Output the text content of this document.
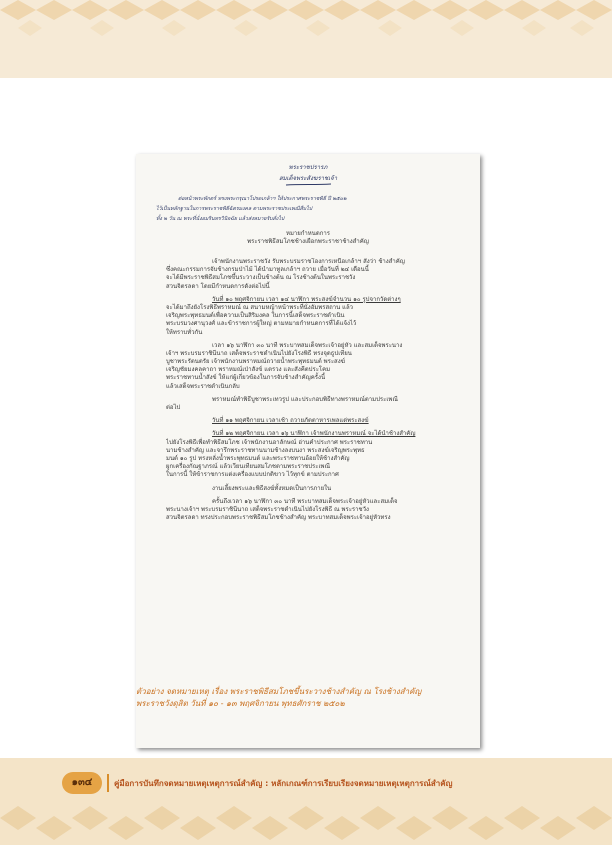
พระราชปรารภ
สมเด็จพระสังฆราชเจ้า
ต่อหน้าพระพักตร์ ทรงพระกรุณาโปรดเกล้าฯ ให้ประกาศพระราชพิธี ปี ๒๕๐๒
ไว้เป็นหลักฐานในการพระราชพิธีฉัตรมงคล ตามพระราชประเพณีสืบไป
ทั้ง ๒ วัน ณ พระที่นั่งอมรินทรวินิจฉัย แล้วส่งหมายรับสั่งไป
หมายกำหนดการ
พระราชพิธีสมโภชช้างเผือกพระราชาช้างสำคัญ
เจ้าพนักงานพระราชวัง รับพระบรมราชโองการเหนือเกล้าฯ สั่งว่า ช้างสำคัญ
ซึ่งคณะกรรมการจับช้างกรมป่าไม้ ได้นำมาทูลเกล้าฯ ถวาย เมื่อวันที่ ๒๔ เดือนนี้
จะได้มีพระราชพิธีสมโภชขึ้นระวางเป็นช้างต้น ณ โรงช้างต้นในพระราชวัง
สวนจิตรลดา โดยมีกำหนดการดังต่อไปนี้
วันที่ ๑๐ พฤศจิกายน เวลา ๑๔ นาฬิกา พระสงฆ์จำนวน ๑๐ รูปจากวัดต่างๆ
จะได้มาถึงยังโรงพิธีพราหมณ์ ณ สนามหญ้าหน้าพระที่นั่งอัมพรสถาน แล้ว
เจริญพระพุทธมนต์เพื่อความเป็นสิริมงคล ในการนี้เสด็จพระราชดำเนิน
พระบรมวงศานุวงศ์ และข้าราชการผู้ใหญ่ ตามหมายกำหนดการที่ได้แจ้งไว้
ให้ทราบทั่วกัน
เวลา ๑๖ นาฬิกา ๓๐ นาที พระบาทสมเด็จพระเจ้าอยู่หัว และสมเด็จพระนาง
เจ้าฯ พระบรมราชินีนาถ เสด็จพระราชดำเนินไปยังโรงพิธี ทรงจุดธูปเทียน
บูชาพระรัตนตรัย เจ้าพนักงานพราหมณ์ถวายน้ำพระพุทธมนต์ พระสงฆ์
เจริญชัยมงคลคาถา พราหมณ์เป่าสังข์ แตรวง และสังคีตประโคม
พระราชทานน้ำสังข์ ให้แก่ผู้เกี่ยวข้องในการจับช้างสำคัญครั้งนี้
แล้วเสด็จพระราชดำเนินกลับ
พราหมณ์ทำพิธีบูชาพระเทวรูป และประกอบพิธีทางพราหมณ์ตามประเพณี
ต่อไป
วันที่ ๑๑ พฤศจิกายน เวลาเช้า ถวายภัตตาหารเพลแด่พระสงฆ์
วันที่ ๑๒ พฤศจิกายน เวลา ๑๖ นาฬิกา เจ้าพนักงานพราหมณ์ จะได้นำช้างสำคัญ
ไปยังโรงพิธีเพื่อทำพิธีสมโภช เจ้าพนักงานอาลักษณ์ อ่านคำประกาศ พระราชทาน
นามช้างสำคัญ และจารึกพระราชทานนามช้างลงบนงา พระสงฆ์เจริญพระพุทธ
มนต์ ๑๐ รูป ทรงหลั่งน้ำพระพุทธมนต์ และพระราชทานอ้อยให้ช้างสำคัญ
ผูกเครื่องกัณฐาภรณ์ แล้วเวียนเทียนสมโภชตามพระราชประเพณี
ในการนี้ ให้ข้าราชการแต่งเครื่องแบบปกติขาว ไว้ทุกข์ ตามประกาศ
งานเลี้ยงพระและพิธีสงฆ์ทั้งหมดเป็นการภายใน
ครั้นถึงเวลา ๑๖ นาฬิกา ๓๐ นาที พระบาทสมเด็จพระเจ้าอยู่หัวและสมเด็จ
พระนางเจ้าฯ พระบรมราชินีนาถ เสด็จพระราชดำเนินไปยังโรงพิธี ณ พระราชวัง
สวนจิตรลดา ทรงประกอบพระราชพิธีสมโภชช้างสำคัญ พระบาทสมเด็จพระเจ้าอยู่หัวทรง
ตัวอย่าง จดหมายเหตุ เรื่อง พระราชพิธีสมโภชขึ้นระวางช้างสำคัญ ณ โรงช้างสำคัญ
พระราชวังดุสิต วันที่ ๑๐ - ๑๓ พฤศจิกายน พุทธศักราช ๒๕๐๒
๑๓๔	คู่มือการบันทึกจดหมายเหตุเหตุการณ์สำคัญ : หลักเกณฑ์การเรียบเรียงจดหมายเหตุเหตุการณ์สำคัญ
